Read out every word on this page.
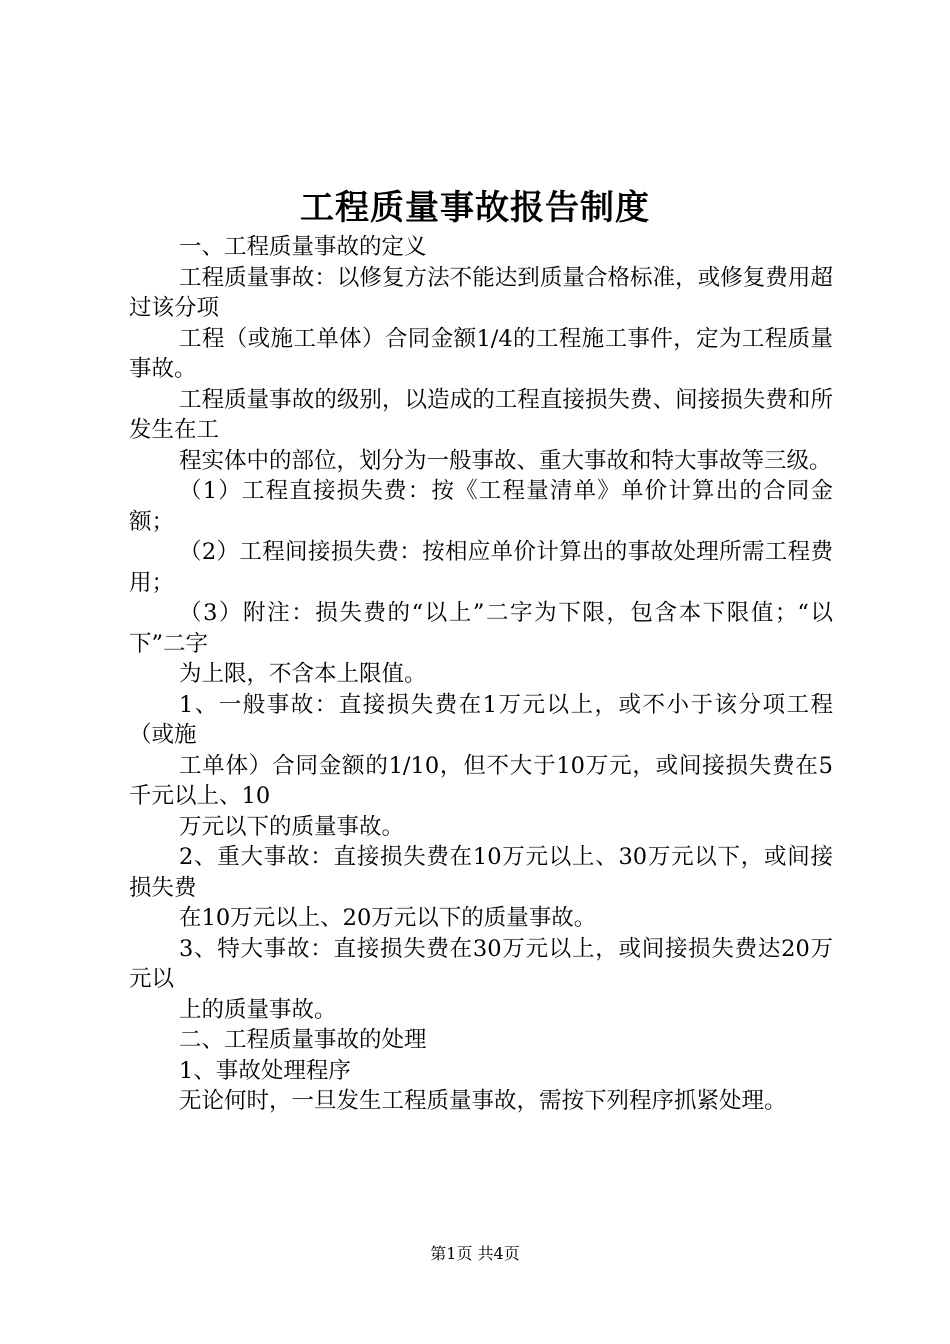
工程质量事故报告制度

一、工程质量事故的定义

工程质量事故：以修复方法不能达到质量合格标准，或修复费用超过该分项

工程（或施工单体）合同金额1/4的工程施工事件，定为工程质量事故。

工程质量事故的级别，以造成的工程直接损失费、间接损失费和所发生在工

程实体中的部位，划分为一般事故、重大事故和特大事故等三级。

（1）工程直接损失费：按《工程量清单》单价计算出的合同金额；

（2）工程间接损失费：按相应单价计算出的事故处理所需工程费用；

（3）附注：损失费的“以上”二字为下限，包含本下限值；“以下”二字

为上限，不含本上限值。

1、一般事故：直接损失费在1万元以上，或不小于该分项工程（或施

工单体）合同金额的1/10，但不大于10万元，或间接损失费在5千元以上、10

万元以下的质量事故。

2、重大事故：直接损失费在10万元以上、30万元以下，或间接损失费

在10万元以上、20万元以下的质量事故。

3、特大事故：直接损失费在30万元以上，或间接损失费达20万元以

上的质量事故。

二、工程质量事故的处理

1、事故处理程序

无论何时，一旦发生工程质量事故，需按下列程序抓紧处理。

第1页 共4页
